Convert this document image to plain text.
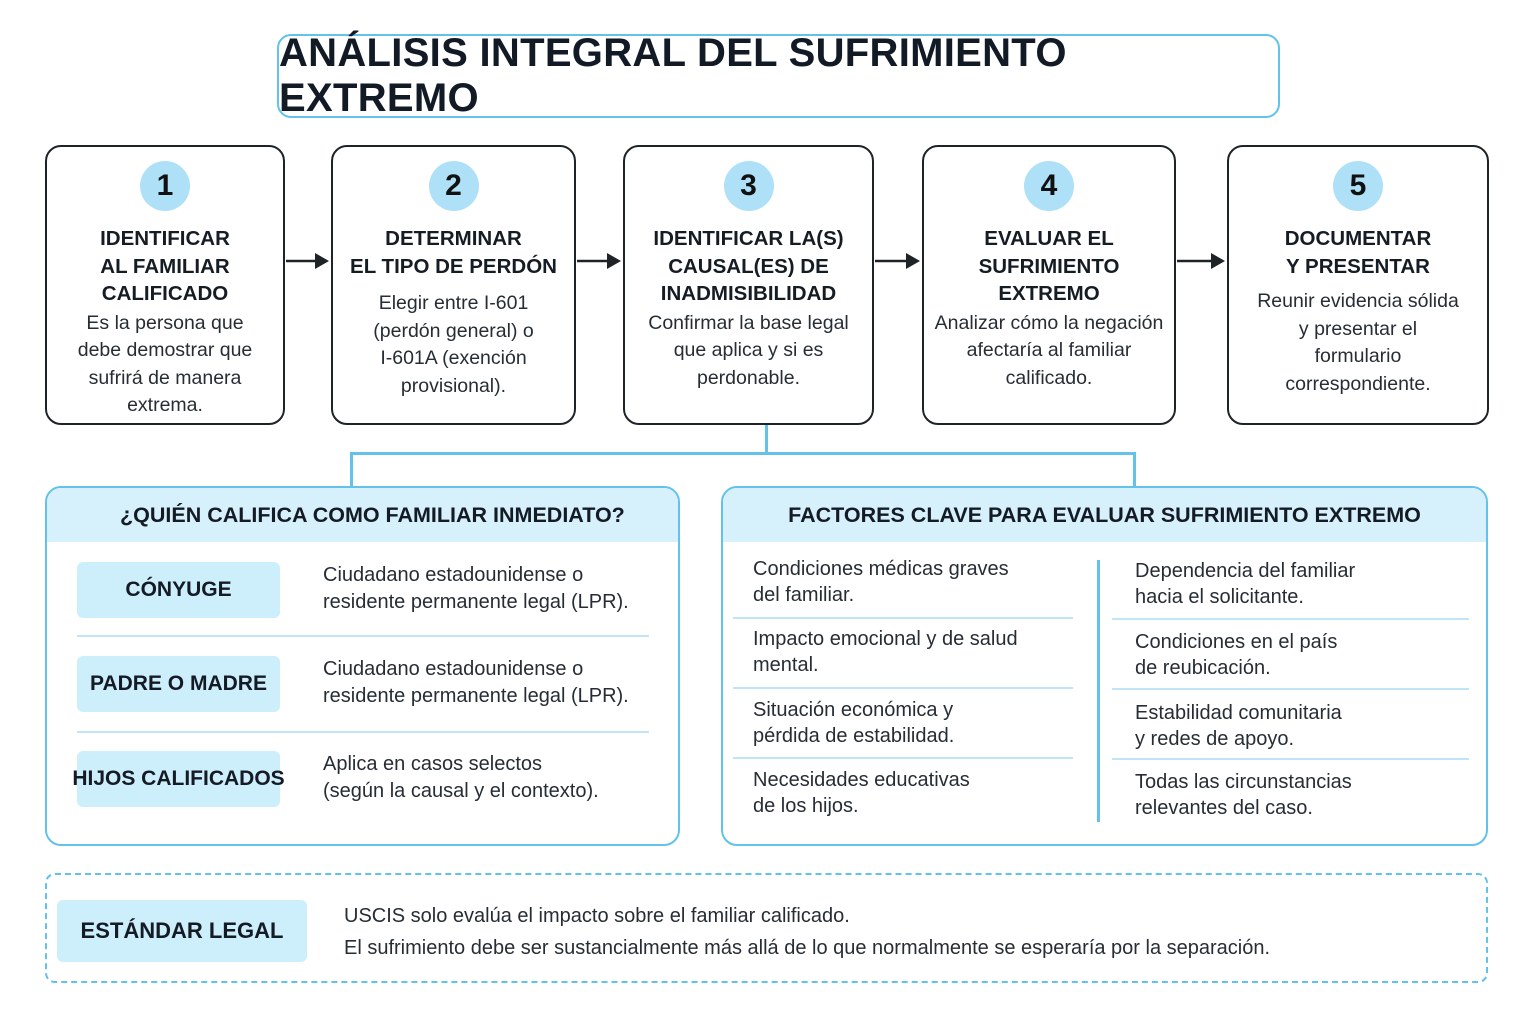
ANÁLISIS INTEGRAL DEL SUFRIMIENTO EXTREMO
1
IDENTIFICAR
AL FAMILIAR
CALIFICADO
Es la persona que
debe demostrar que
sufrirá de manera
extrema.
2
DETERMINAR
EL TIPO DE PERDÓN
Elegir entre I-601
(perdón general) o
I-601A (exención
provisional).
3
IDENTIFICAR LA(S)
CAUSAL(ES) DE
INADMISIBILIDAD
Confirmar la base legal
que aplica y si es
perdonable.
4
EVALUAR EL
SUFRIMIENTO
EXTREMO
Analizar cómo la negación
afectaría al familiar
calificado.
5
DOCUMENTAR
Y PRESENTAR
Reunir evidencia sólida
y presentar el
formulario
correspondiente.
¿QUIÉN CALIFICA COMO FAMILIAR INMEDIATO?
CÓNYUGE
Ciudadano estadounidense o
residente permanente legal (LPR).
PADRE O MADRE
Ciudadano estadounidense o
residente permanente legal (LPR).
HIJOS CALIFICADOS
Aplica en casos selectos
(según la causal y el contexto).
FACTORES CLAVE PARA EVALUAR SUFRIMIENTO EXTREMO
Condiciones médicas graves
del familiar.
Impacto emocional y de salud
mental.
Situación económica y
pérdida de estabilidad.
Necesidades educativas
de los hijos.
Dependencia del familiar
hacia el solicitante.
Condiciones en el país
de reubicación.
Estabilidad comunitaria
y redes de apoyo.
Todas las circunstancias
relevantes del caso.
ESTÁNDAR LEGAL
USCIS solo evalúa el impacto sobre el familiar calificado.
El sufrimiento debe ser sustancialmente más allá de lo que normalmente se esperaría por la separación.
